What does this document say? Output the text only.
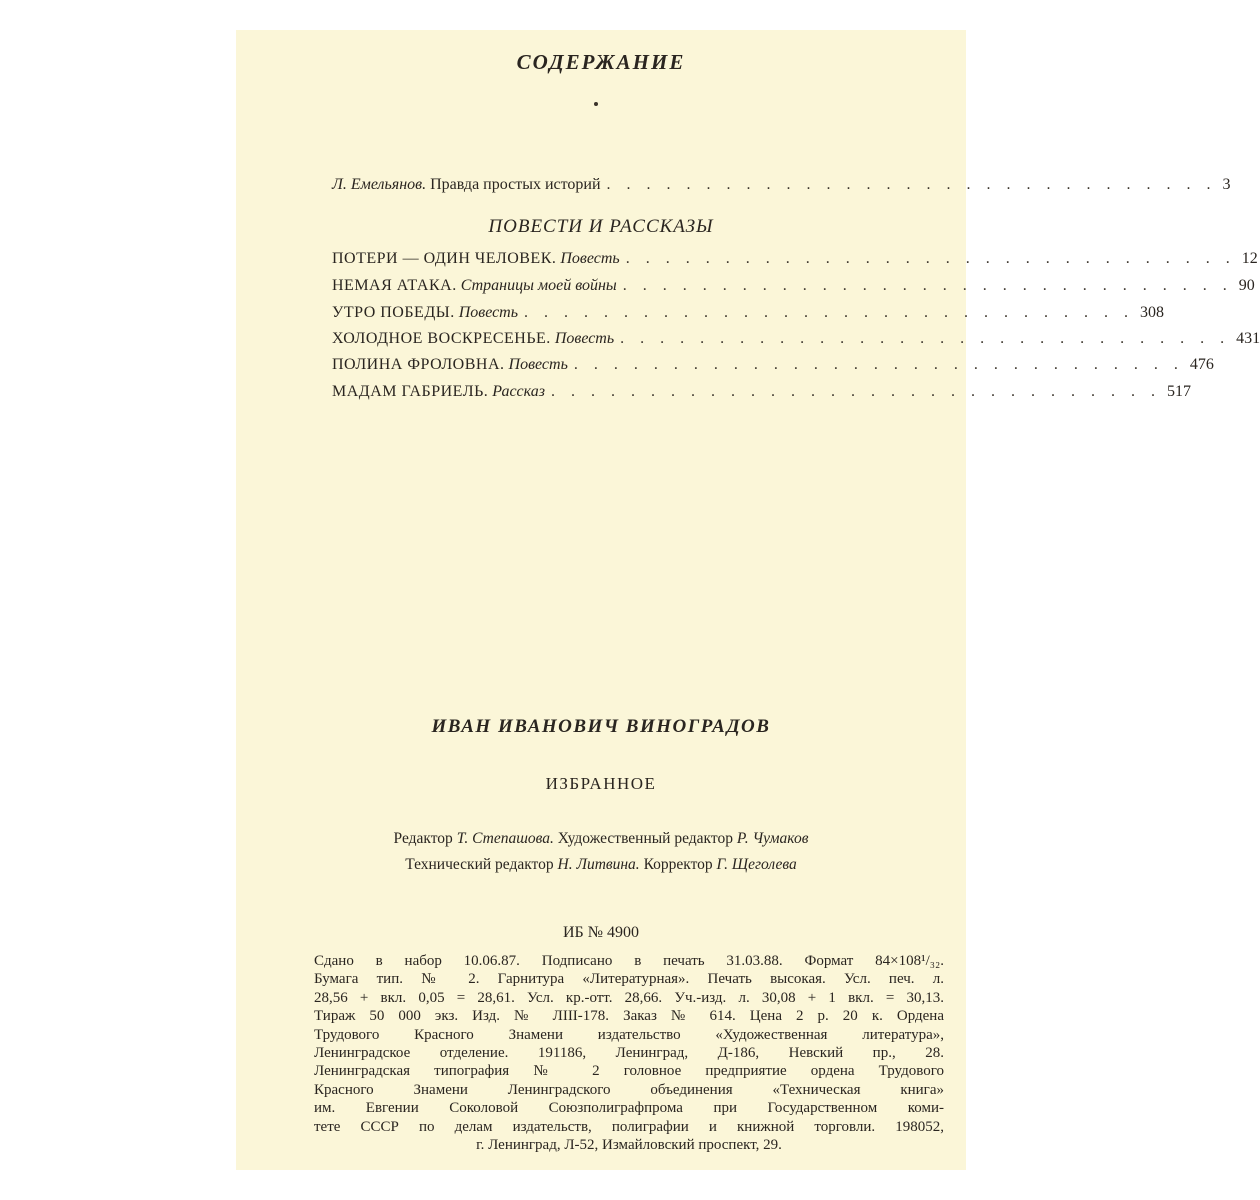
СОДЕРЖАНИЕ
Л. Емельянов.
Правда простых историй . . . . . . . . . . . . . . . . . . . . . . . . . . . . . . . 3
ПОВЕСТИ И РАССКАЗЫ
ПОТЕРИ — ОДИН ЧЕЛОВЕК.
Повесть . . . . . . . . . . . . . . . . . . . . . . . . . . . . . . . 12
НЕМАЯ АТАКА.
Страницы моей войны . . . . . . . . . . . . . . . . . . . . . . . . . . . . . . . 90
УТРО ПОБЕДЫ.
Повесть . . . . . . . . . . . . . . . . . . . . . . . . . . . . . . . 308
ХОЛОДНОЕ ВОСКРЕСЕНЬЕ.
Повесть . . . . . . . . . . . . . . . . . . . . . . . . . . . . . . . 431
ПОЛИНА ФРОЛОВНА.
Повесть . . . . . . . . . . . . . . . . . . . . . . . . . . . . . . . 476
МАДАМ ГАБРИЕЛЬ.
Рассказ . . . . . . . . . . . . . . . . . . . . . . . . . . . . . . . 517
ИВАН ИВАНОВИЧ ВИНОГРАДОВ
ИЗБРАННОЕ
Редактор Т. Степашова. Художественный редактор Р. Чумаков
Технический редактор Н. Литвина. Корректор Г. Щеголева
ИБ № 4900
Сдано в набор 10.06.87. Подписано в печать 31.03.88. Формат 84×108¹/₃₂.
Бумага тип. № 2. Гарнитура «Литературная». Печать высокая. Усл. печ. л.
28,56 + вкл. 0,05 = 28,61. Усл. кр.-отт. 28,66. Уч.-изд. л. 30,08 + 1 вкл. = 30,13.
Тираж 50 000 экз. Изд. № ЛIII-178. Заказ № 614. Цена 2 р. 20 к. Ордена
Трудового Красного Знамени издательство «Художественная литература»,
Ленинградское отделение. 191186, Ленинград, Д-186, Невский пр., 28.
Ленинградская типография № 2 головное предприятие ордена Трудового
Красного Знамени Ленинградского объединения «Техническая книга»
им. Евгении Соколовой Союзполиграфпрома при Государственном коми-
тете СССР по делам издательств, полиграфии и книжной торговли. 198052,
г. Ленинград, Л-52, Измайловский проспект, 29.
